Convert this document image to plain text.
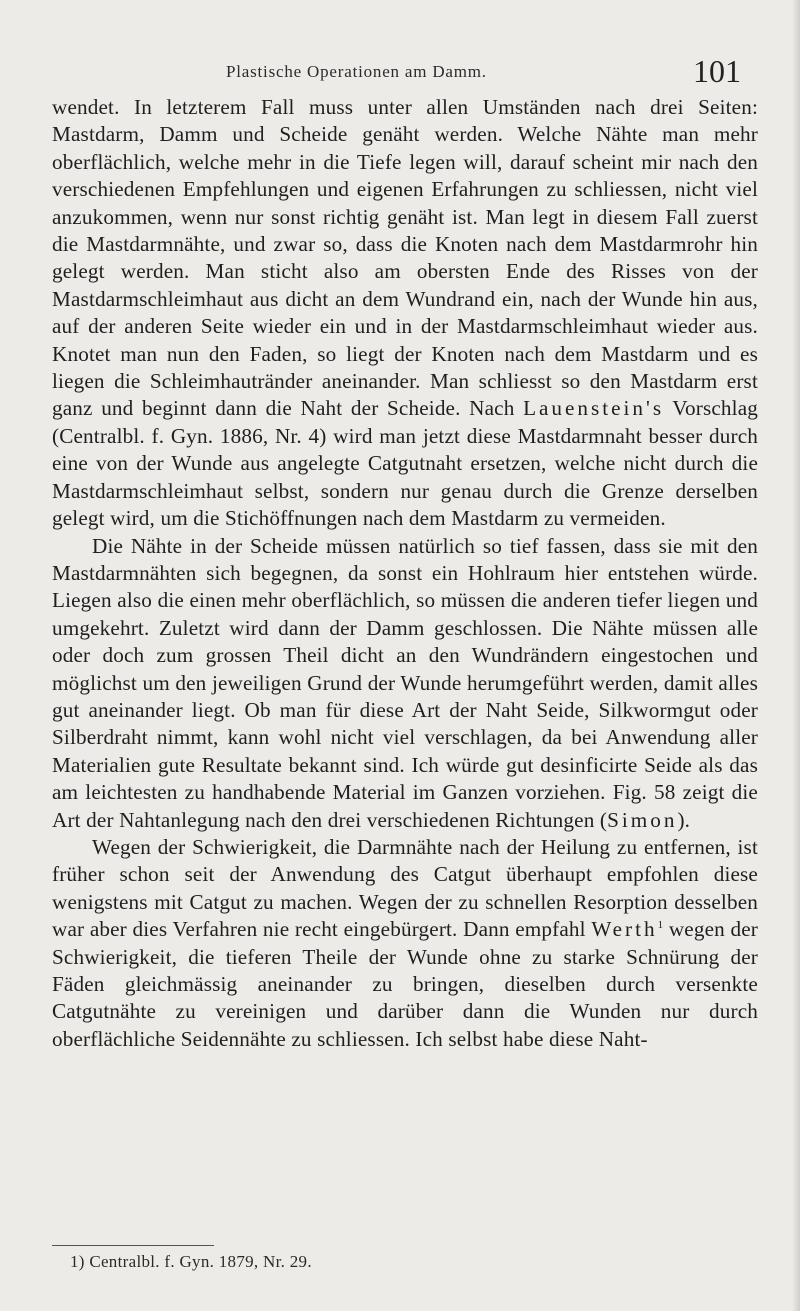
Plastische Operationen am Damm.	101

wendet. In letzterem Fall muss unter allen Umständen nach drei Seiten: Mastdarm, Damm und Scheide genäht werden. Welche Nähte man mehr oberflächlich, welche mehr in die Tiefe legen will, darauf scheint mir nach den verschiedenen Empfehlungen und eigenen Erfahrungen zu schliessen, nicht viel anzukommen, wenn nur sonst richtig genäht ist. Man legt in diesem Fall zuerst die Mastdarmnähte, und zwar so, dass die Knoten nach dem Mastdarmrohr hin gelegt werden. Man sticht also am obersten Ende des Risses von der Mastdarmschleimhaut aus dicht an dem Wundrand ein, nach der Wunde hin aus, auf der anderen Seite wieder ein und in der Mastdarmschleimhaut wieder aus. Knotet man nun den Faden, so liegt der Knoten nach dem Mastdarm und es liegen die Schleimhautränder aneinander. Man schliesst so den Mastdarm erst ganz und beginnt dann die Naht der Scheide. Nach Lauenstein's Vorschlag (Centralbl. f. Gyn. 1886, Nr. 4) wird man jetzt diese Mastdarmnaht besser durch eine von der Wunde aus angelegte Catgutnaht ersetzen, welche nicht durch die Mastdarmschleimhaut selbst, sondern nur genau durch die Grenze derselben gelegt wird, um die Stichöffnungen nach dem Mastdarm zu vermeiden.

Die Nähte in der Scheide müssen natürlich so tief fassen, dass sie mit den Mastdarmnähten sich begegnen, da sonst ein Hohlraum hier entstehen würde. Liegen also die einen mehr oberflächlich, so müssen die anderen tiefer liegen und umgekehrt. Zuletzt wird dann der Damm geschlossen. Die Nähte müssen alle oder doch zum grossen Theil dicht an den Wundrändern eingestochen und möglichst um den jeweiligen Grund der Wunde herumgeführt werden, damit alles gut aneinander liegt. Ob man für diese Art der Naht Seide, Silkwormgut oder Silberdraht nimmt, kann wohl nicht viel verschlagen, da bei Anwendung aller Materialien gute Resultate bekannt sind. Ich würde gut desinficirte Seide als das am leichtesten zu handhabende Material im Ganzen vorziehen. Fig. 58 zeigt die Art der Nahtanlegung nach den drei verschiedenen Richtungen (Simon).

Wegen der Schwierigkeit, die Darmnähte nach der Heilung zu entfernen, ist früher schon seit der Anwendung des Catgut überhaupt empfohlen diese wenigstens mit Catgut zu machen. Wegen der zu schnellen Resorption desselben war aber dies Verfahren nie recht eingebürgert. Dann empfahl Werth$^1$ wegen der Schwierigkeit, die tieferen Theile der Wunde ohne zu starke Schnürung der Fäden gleichmässig aneinander zu bringen, dieselben durch versenkte Catgutnähte zu vereinigen und darüber dann die Wunden nur durch oberflächliche Seidennähte zu schliessen. Ich selbst habe diese Naht-

1) Centralbl. f. Gyn. 1879, Nr. 29.
